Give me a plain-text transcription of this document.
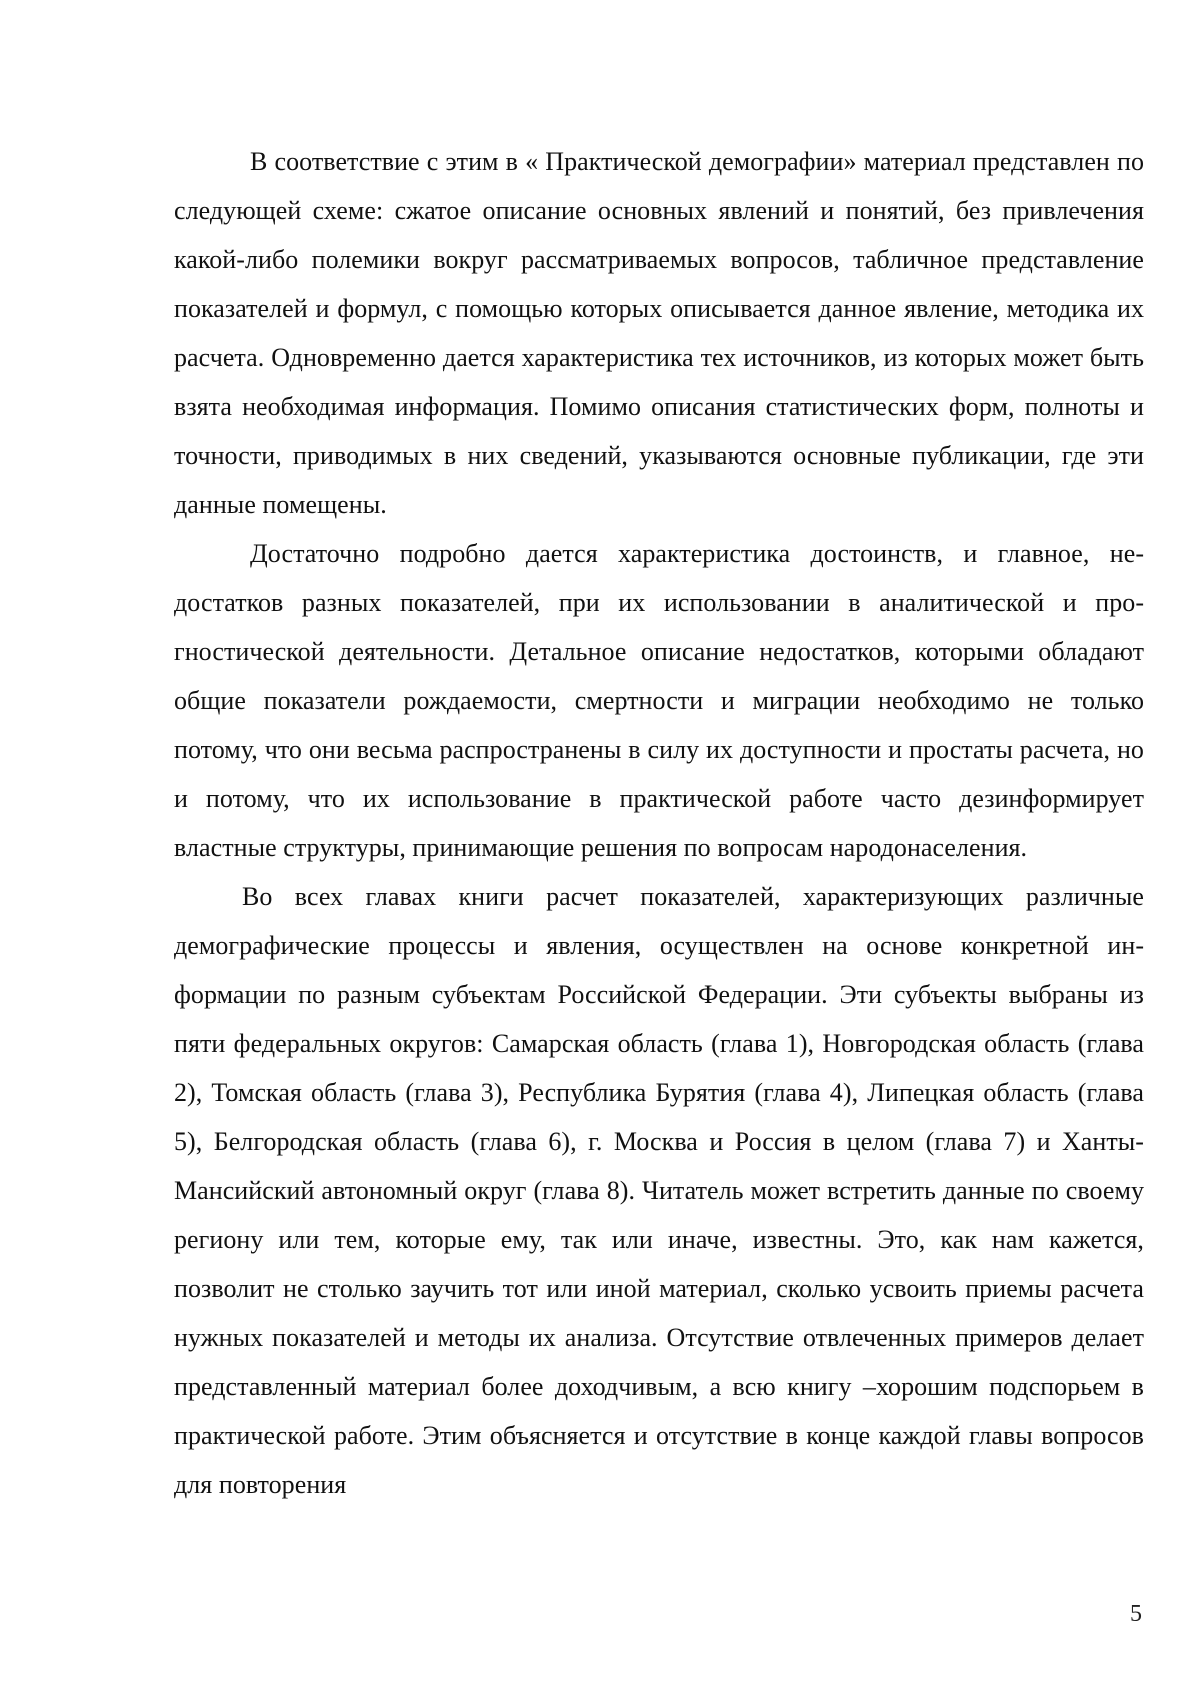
В соответствие с этим в « Практической демографии» материал представлен по следующей схеме: сжатое описание основных явлений и понятий, без привлечения какой-либо полемики вокруг рассматриваемых вопросов, табличное представление показателей и формул, с помощью которых описывается данное явление, методика их расчета. Одновременно дается характеристика тех источников, из которых может быть взята необходимая информация. Помимо описания статистических форм, полноты и точности, приводимых в них сведений, указываются основные публикации, где эти данные помещены.

Достаточно подробно дается характеристика достоинств, и главное, недостатков разных показателей, при их использовании в аналитической и прогностической деятельности. Детальное описание недостатков, которыми обладают общие показатели рождаемости, смертности и миграции необходимо не только потому, что они весьма распространены в силу их доступности и простаты расчета, но и потому, что их использование в практической работе часто дезинформирует властные структуры, принимающие решения по вопросам народонаселения.

Во всех главах книги расчет показателей, характеризующих различные демографические процессы и явления, осуществлен на основе конкретной информации по разным субъектам Российской Федерации. Эти субъекты выбраны из пяти федеральных округов: Самарская область (глава 1), Новгородская область (глава 2), Томская область (глава 3), Республика Бурятия (глава 4), Липецкая область (глава 5), Белгородская область (глава 6), г. Москва и Россия в целом (глава 7) и Ханты-Мансийский автономный округ (глава 8). Читатель может встретить данные по своему региону или тем, которые ему, так или иначе, известны. Это, как нам кажется, позволит не столько заучить тот или иной материал, сколько усвоить приемы расчета нужных показателей и методы их анализа. Отсутствие отвлеченных примеров делает представленный материал более доходчивым, а всю книгу –хорошим подспорьем в практической работе. Этим объясняется и отсутствие в конце каждой главы вопросов для повторения

5
